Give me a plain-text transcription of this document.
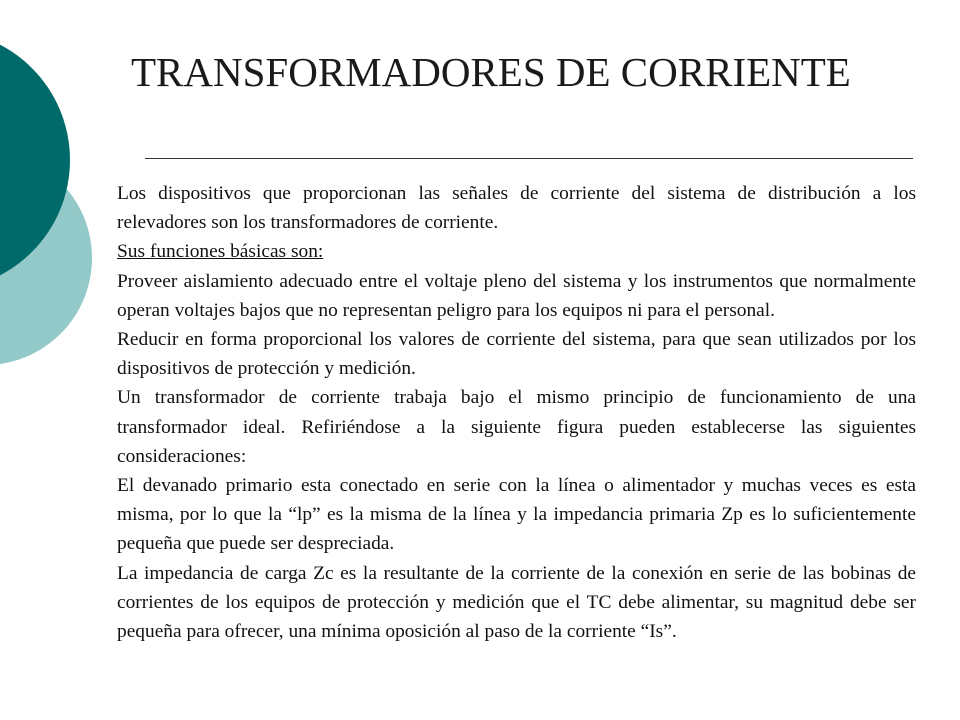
TRANSFORMADORES DE CORRIENTE

Los dispositivos que proporcionan las señales de corriente del sistema de distribución a los relevadores son los transformadores de corriente.

Sus funciones básicas son:

Proveer aislamiento adecuado entre el voltaje pleno del sistema y los instrumentos que normalmente operan voltajes bajos que no representan peligro para los equipos ni para el personal.

Reducir en forma proporcional los valores de corriente del sistema, para que sean utilizados por los dispositivos de protección y medición.

Un transformador de corriente trabaja bajo el mismo principio de funcionamiento de una transformador ideal. Refiriéndose a la siguiente figura pueden establecerse las siguientes consideraciones:

El devanado primario esta conectado en serie con la línea o alimentador y muchas veces es esta misma, por lo que la “lp” es la misma de la línea y la impedancia primaria Zp es lo suficientemente pequeña que puede ser despreciada.

La impedancia de carga Zc es la resultante de la corriente de la conexión en serie de las bobinas de corrientes de los equipos de protección y medición que el TC debe alimentar, su magnitud debe ser pequeña para ofrecer, una mínima oposición al paso de la corriente “Is”.
